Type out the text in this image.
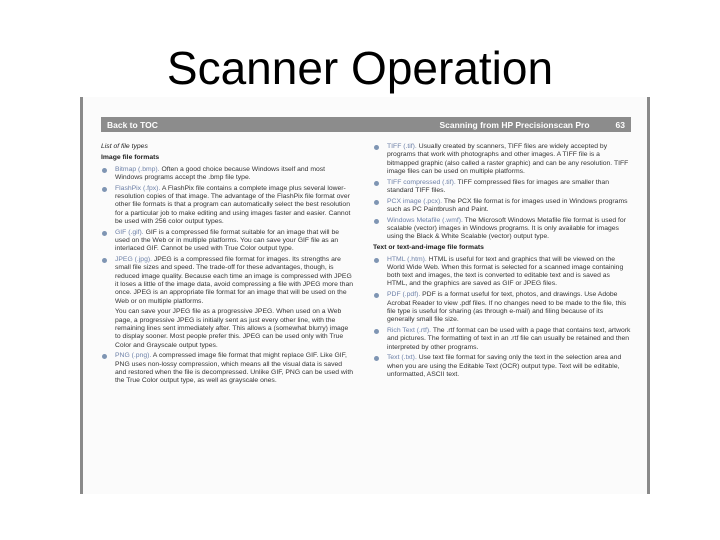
Scanner Operation
Back to TOC	Scanning from HP Precisionscan Pro	63
List of file types
Image file formats
Bitmap (.bmp). Often a good choice because Windows itself and most Windows programs accept the .bmp file type.
FlashPix (.fpx). A FlashPix file contains a complete image plus several lower-resolution copies of that image. The advantage of the FlashPix file format over other file formats is that a program can automatically select the best resolution for a particular job to make editing and using images faster and easier. Cannot be used with 256 color output types.
GIF (.gif). GIF is a compressed file format suitable for an image that will be used on the Web or in multiple platforms. You can save your GIF file as an interlaced GIF. Cannot be used with True Color output type.
JPEG (.jpg). JPEG is a compressed file format for images. Its strengths are small file sizes and speed. The trade-off for these advantages, though, is reduced image quality. Because each time an image is compressed with JPEG it loses a little of the image data, avoid compressing a file with JPEG more than once. JPEG is an appropriate file format for an image that will be used on the Web or on multiple platforms.
You can save your JPEG file as a progressive JPEG. When used on a Web page, a progressive JPEG is initially sent as just every other line, with the remaining lines sent immediately after. This allows a (somewhat blurry) image to display sooner. Most people prefer this. JPEG can be used only with True Color and Grayscale output types.
PNG (.png). A compressed image file format that might replace GIF. Like GIF, PNG uses non-lossy compression, which means all the visual data is saved and restored when the file is decompressed. Unlike GIF, PNG can be used with the True Color output type, as well as grayscale ones.
TIFF (.tif). Usually created by scanners, TIFF files are widely accepted by programs that work with photographs and other images. A TIFF file is a bitmapped graphic (also called a raster graphic) and can be any resolution. TIFF image files can be used on multiple platforms.
TIFF compressed (.tif). TIFF compressed files for images are smaller than standard TIFF files.
PCX image (.pcx). The PCX file format is for images used in Windows programs such as PC Paintbrush and Paint.
Windows Metafile (.wmf). The Microsoft Windows Metafile file format is used for scalable (vector) images in Windows programs. It is only available for images using the Black & White Scalable (vector) output type.
Text or text-and-image file formats
HTML (.htm). HTML is useful for text and graphics that will be viewed on the World Wide Web. When this format is selected for a scanned image containing both text and images, the text is converted to editable text and is saved as HTML, and the graphics are saved as GIF or JPEG files.
PDF (.pdf). PDF is a format useful for text, photos, and drawings. Use Adobe Acrobat Reader to view .pdf files. If no changes need to be made to the file, this file type is useful for sharing (as through e-mail) and filing because of its generally small file size.
Rich Text (.rtf). The .rtf format can be used with a page that contains text, artwork and pictures. The formatting of text in an .rtf file can usually be retained and then interpreted by other programs.
Text (.txt). Use text file format for saving only the text in the selection area and when you are using the Editable Text (OCR) output type. Text will be editable, unformatted, ASCII text.
